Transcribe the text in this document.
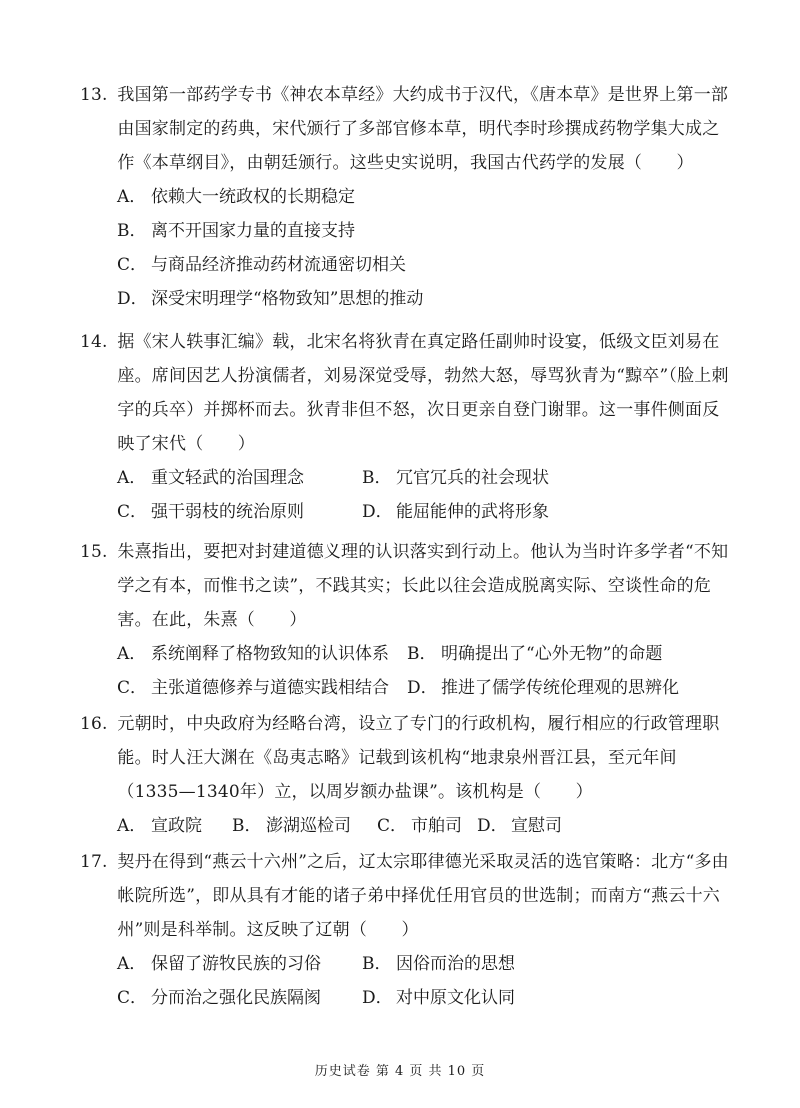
13. 我国第一部药学专书《神农本草经》大约成书于汉代，《唐本草》是世界上第一部由国家制定的药典，宋代颁行了多部官修本草，明代李时珍撰成药物学集大成之作《本草纲目》，由朝廷颁行。这些史实说明，我国古代药学的发展（　　）

A． 依赖大一统政权的长期稳定
B． 离不开国家力量的直接支持
C． 与商品经济推动药材流通密切相关
D． 深受宋明理学“格物致知”思想的推动

14. 据《宋人轶事汇编》载，北宋名将狄青在真定路任副帅时设宴，低级文臣刘易在座。席间因艺人扮演儒者，刘易深觉受辱，勃然大怒，辱骂狄青为“黥卒”（脸上刺字的兵卒）并掷杯而去。狄青非但不怒，次日更亲自登门谢罪。这一事件侧面反映了宋代（　　）

A． 重文轻武的治国理念	B． 冗官冗兵的社会现状
C． 强干弱枝的统治原则	D． 能屈能伸的武将形象

15. 朱熹指出，要把对封建道德义理的认识落实到行动上。他认为当时许多学者“不知学之有本，而惟书之读”，不践其实；长此以往会造成脱离实际、空谈性命的危害。在此，朱熹（　　）

A． 系统阐释了格物致知的认识体系 B． 明确提出了“心外无物”的命题
C． 主张道德修养与道德实践相结合 D． 推进了儒学传统伦理观的思辨化

16. 元朝时，中央政府为经略台湾，设立了专门的行政机构，履行相应的行政管理职能。时人汪大渊在《岛夷志略》记载到该机构“地隶泉州晋江县，至元年间（1335—1340年）立，以周岁额办盐课”。该机构是（　　）

A． 宣政院 B． 澎湖巡检司 C． 市舶司 D． 宣慰司

17. 契丹在得到“燕云十六州”之后，辽太宗耶律德光采取灵活的选官策略：北方“多由帐院所选”，即从具有才能的诸子弟中择优任用官员的世选制；而南方“燕云十六州”则是科举制。这反映了辽朝（　　）

A． 保留了游牧民族的习俗 B． 因俗而治的思想
C． 分而治之强化民族隔阂 D． 对中原文化认同
历史试卷 第 4 页 共 10 页
